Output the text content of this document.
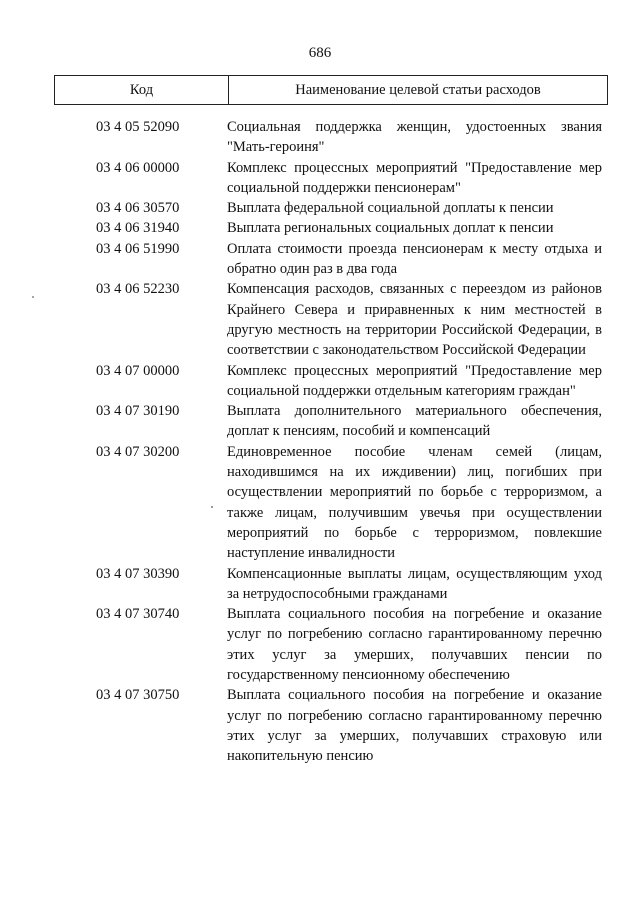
686
Код	Наименование целевой статьи расходов
03 4 05 52090	Социальная поддержка женщин, удостоенных звания "Мать-героиня"
03 4 06 00000	Комплекс процессных мероприятий "Предоставление мер социальной поддержки пенсионерам"
03 4 06 30570	Выплата федеральной социальной доплаты к пенсии
03 4 06 31940	Выплата региональных социальных доплат к пенсии
03 4 06 51990	Оплата стоимости проезда пенсионерам к месту отдыха и обратно один раз в два года
03 4 06 52230	Компенсация расходов, связанных с переездом из районов Крайнего Севера и приравненных к ним местностей в другую местность на территории Российской Федерации, в соответствии с законодательством Российской Федерации
03 4 07 00000	Комплекс процессных мероприятий "Предоставление мер социальной поддержки отдельным категориям граждан"
03 4 07 30190	Выплата дополнительного материального обеспечения, доплат к пенсиям, пособий и компенсаций
03 4 07 30200	Единовременное пособие членам семей (лицам, находившимся на их иждивении) лиц, погибших при осуществлении мероприятий по борьбе с терроризмом, а также лицам, получившим увечья при осуществлении мероприятий по борьбе с терроризмом, повлекшие наступление инвалидности
03 4 07 30390	Компенсационные выплаты лицам, осуществляющим уход за нетрудоспособными гражданами
03 4 07 30740	Выплата социального пособия на погребение и оказание услуг по погребению согласно гарантированному перечню этих услуг за умерших, получавших пенсии по государственному пенсионному обеспечению
03 4 07 30750	Выплата социального пособия на погребение и оказание услуг по погребению согласно гарантированному перечню этих услуг за умерших, получавших страховую или накопительную пенсию
